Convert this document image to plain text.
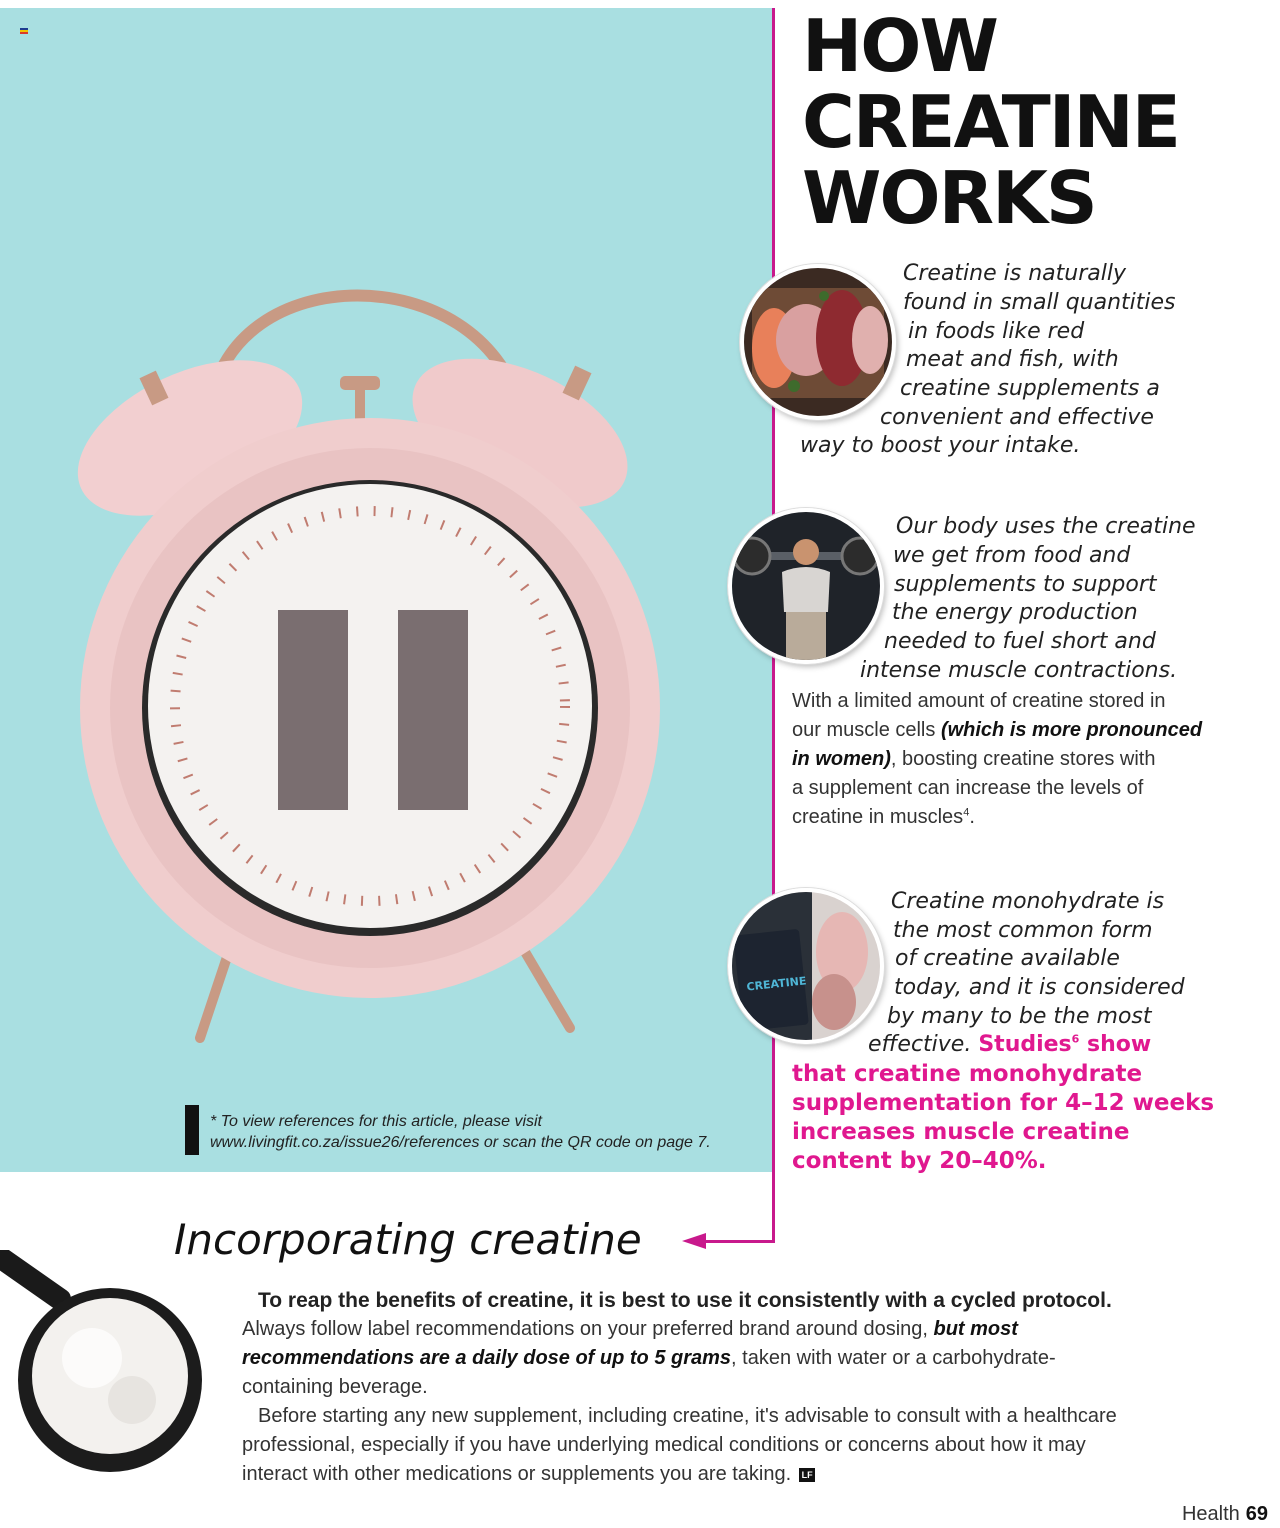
* To view references for this article, please visit
www.livingfit.co.za/issue26/references or scan the QR code on page 7.
HOW
CREATINE
WORKS
Creatine is naturally
found in small quantities
in foods like red
meat and fish, with
creatine supplements a
convenient and effective
way to boost your intake.
Our body uses the creatine
we get from food and
supplements to support
the energy production
needed to fuel short and
intense muscle contractions.
With a limited amount of creatine stored in
our muscle cells (which is more pronounced
in women), boosting creatine stores with
a supplement can increase the levels of
creatine in muscles$^4$.
CREATINE
Creatine monohydrate is
the most common form
of creatine available
today, and it is considered
by many to be the most
effective. Studies$^6$ show
that creatine monohydrate
supplementation for 4–12 weeks
increases muscle creatine
content by 20–40%.
Incorporating creatine
To reap the benefits of creatine, it is best to use it consistently with a cycled protocol.
Always follow label recommendations on your preferred brand around dosing, but most
recommendations are a daily dose of up to 5 grams, taken with water or a carbohydrate-
containing beverage.
Before starting any new supplement, including creatine, it's advisable to consult with a healthcare
professional, especially if you have underlying medical conditions or concerns about how it may
interact with other medications or supplements you are taking. LF
Health 69
